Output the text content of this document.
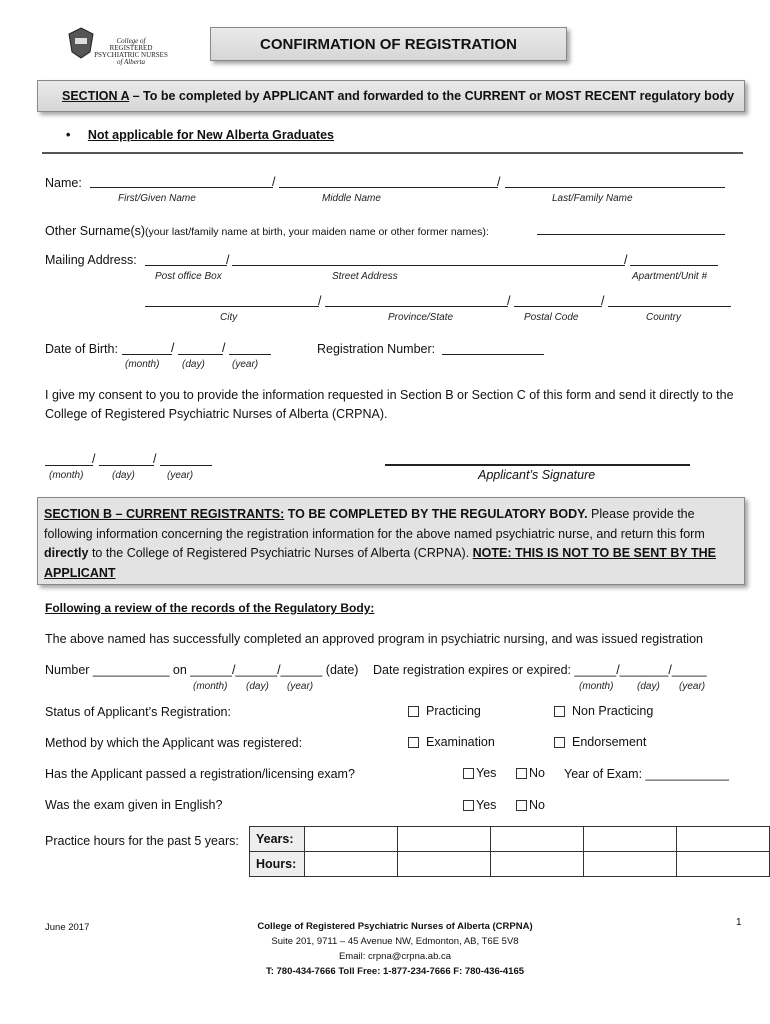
College of
REGISTERED
PSYCHIATRIC NURSES
of Alberta
CONFIRMATION OF REGISTRATION
SECTION A – To be completed by APPLICANT and forwarded to the CURRENT or MOST RECENT regulatory body
• Not applicable for New Alberta Graduates
Name:	/	/
First/Given Name	Middle Name	Last/Family Name
Other Surname(s)(your last/family name at birth, your maiden name or other former names):
Mailing Address:	/	/
Post office Box	Street Address	Apartment/Unit #
/	/	/
City	Province/State	Postal Code	Country
Date of Birth:	/	/
(month) (day)	(year)
Registration Number:
I give my consent to you to provide the information requested in Section B or Section C of this form and send it directly to the College of Registered Psychiatric Nurses of Alberta (CRPNA).
/	/
(month)	(day)	(year)	Applicant’s Signature
SECTION B – CURRENT REGISTRANTS: TO BE COMPLETED BY THE REGULATORY BODY. Please provide the following information concerning the registration information for the above named psychiatric nurse, and return this form directly to the College of Registered Psychiatric Nurses of Alberta (CRPNA). NOTE: THIS IS NOT TO BE SENT BY THE APPLICANT
Following a review of the records of the Regulatory Body:
The above named has successfully completed an approved program in psychiatric nursing, and was issued registration
Number ___________ on ______/______/______ (date) Date registration expires or expired: ______/_______/_____
(month) (day) (year)	(month) (day) (year)
Status of Applicant’s Registration:	Practicing	Non Practicing
Method by which the Applicant was registered:	Examination	Endorsement
Has the Applicant passed a registration/licensing exam?	Yes	No Year of Exam: ____________
Was the exam given in English?	Yes	No
Practice hours for the past 5 years: Years:					
Hours:					
June 2017	College of Registered Psychiatric Nurses of Alberta (CRPNA)
Suite 201, 9711 – 45 Avenue NW, Edmonton, AB, T6E 5V8
Email: crpna@crpna.ab.ca
T: 780-434-7666 Toll Free: 1-877-234-7666 F: 780-436-4165
1
